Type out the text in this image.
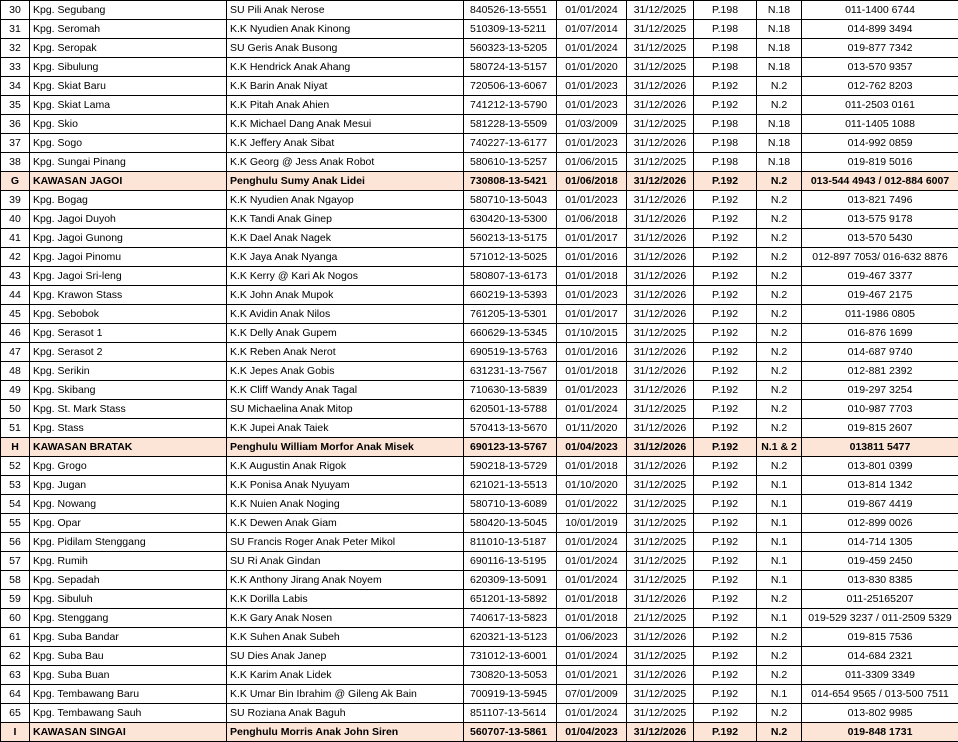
30	Kpg. Segubang	SU Pili Anak Nerose	840526-13-5551	01/01/2024	31/12/2025	P.198	N.18	011-1400 6744
31	Kpg. Seromah	K.K Nyudien Anak Kinong	510309-13-5211	01/07/2014	31/12/2025	P.198	N.18	014-899 3494
32	Kpg. Seropak	SU Geris Anak Busong	560323-13-5205	01/01/2024	31/12/2025	P.198	N.18	019-877 7342
33	Kpg. Sibulung	K.K Hendrick Anak Ahang	580724-13-5157	01/01/2020	31/12/2025	P.198	N.18	013-570 9357
34	Kpg. Skiat Baru	K.K Barin Anak Niyat	720506-13-6067	01/01/2023	31/12/2026	P.192	N.2	012-762 8203
35	Kpg. Skiat Lama	K.K Pitah Anak Ahien	741212-13-5790	01/01/2023	31/12/2026	P.192	N.2	011-2503 0161
36	Kpg. Skio	K.K Michael Dang Anak Mesui	581228-13-5509	01/03/2009	31/12/2025	P.198	N.18	011-1405 1088
37	Kpg. Sogo	K.K Jeffery Anak Sibat	740227-13-6177	01/01/2023	31/12/2026	P.198	N.18	014-992 0859
38	Kpg. Sungai Pinang	K.K Georg @ Jess Anak Robot	580610-13-5257	01/06/2015	31/12/2025	P.198	N.18	019-819 5016
G	KAWASAN JAGOI	Penghulu Sumy Anak Lidei	730808-13-5421	01/06/2018	31/12/2026	P.192	N.2	013-544 4943 / 012-884 6007
39	Kpg. Bogag	K.K Nyudien Anak Ngayop	580710-13-5043	01/01/2023	31/12/2026	P.192	N.2	013-821 7496
40	Kpg. Jagoi Duyoh	K.K Tandi Anak Ginep	630420-13-5300	01/06/2018	31/12/2026	P.192	N.2	013-575 9178
41	Kpg. Jagoi Gunong	K.K Dael Anak Nagek	560213-13-5175	01/01/2017	31/12/2026	P.192	N.2	013-570 5430
42	Kpg. Jagoi Pinomu	K.K Jaya Anak Nyanga	571012-13-5025	01/01/2016	31/12/2026	P.192	N.2	012-897 7053/ 016-632 8876
43	Kpg. Jagoi Sri-leng	K.K Kerry @ Kari Ak Nogos	580807-13-6173	01/01/2018	31/12/2026	P.192	N.2	019-467 3377
44	Kpg. Krawon Stass	K.K John Anak Mupok	660219-13-5393	01/01/2023	31/12/2026	P.192	N.2	019-467 2175
45	Kpg. Sebobok	K.K Avidin Anak Nilos	761205-13-5301	01/01/2017	31/12/2026	P.192	N.2	011-1986 0805
46	Kpg. Serasot 1	K.K Delly Anak Gupem	660629-13-5345	01/10/2015	31/12/2025	P.192	N.2	016-876 1699
47	Kpg. Serasot 2	K.K Reben Anak Nerot	690519-13-5763	01/01/2016	31/12/2026	P.192	N.2	014-687 9740
48	Kpg. Serikin	K.K Jepes Anak Gobis	631231-13-7567	01/01/2018	31/12/2026	P.192	N.2	012-881 2392
49	Kpg. Skibang	K.K Cliff Wandy Anak Tagal	710630-13-5839	01/01/2023	31/12/2026	P.192	N.2	019-297 3254
50	Kpg. St. Mark Stass	SU Michaelina Anak Mitop	620501-13-5788	01/01/2024	31/12/2025	P.192	N.2	010-987 7703
51	Kpg. Stass	K.K Jupei Anak Taiek	570413-13-5670	01/11/2020	31/12/2026	P.192	N.2	019-815 2607
H	KAWASAN BRATAK	Penghulu William Morfor Anak Misek	690123-13-5767	01/04/2023	31/12/2026	P.192	N.1 & 2	013811 5477
52	Kpg. Grogo	K.K Augustin Anak Rigok	590218-13-5729	01/01/2018	31/12/2026	P.192	N.2	013-801 0399
53	Kpg. Jugan	K.K Ponisa Anak Nyuyam	621021-13-5513	01/10/2020	31/12/2025	P.192	N.1	013-814 1342
54	Kpg. Nowang	K.K Nuien Anak Noging	580710-13-6089	01/01/2022	31/12/2025	P.192	N.1	019-867 4419
55	Kpg. Opar	K.K Dewen Anak Giam	580420-13-5045	10/01/2019	31/12/2025	P.192	N.1	012-899 0026
56	Kpg. Pidilam Stenggang	SU Francis Roger Anak Peter Mikol	811010-13-5187	01/01/2024	31/12/2025	P.192	N.1	014-714 1305
57	Kpg. Rumih	SU Ri Anak Gindan	690116-13-5195	01/01/2024	31/12/2025	P.192	N.1	019-459 2450
58	Kpg. Sepadah	K.K Anthony Jirang Anak Noyem	620309-13-5091	01/01/2024	31/12/2025	P.192	N.1	013-830 8385
59	Kpg. Sibuluh	K.K Dorilla Labis	651201-13-5892	01/01/2018	31/12/2026	P.192	N.2	011-25165207
60	Kpg. Stenggang	K.K Gary Anak Nosen	740617-13-5823	01/01/2018	21/12/2025	P.192	N.1	019-529 3237 / 011-2509 5329
61	Kpg. Suba Bandar	K.K Suhen Anak Subeh	620321-13-5123	01/06/2023	31/12/2026	P.192	N.2	019-815 7536
62	Kpg. Suba Bau	SU Dies Anak Janep	731012-13-6001	01/01/2024	31/12/2025	P.192	N.2	014-684 2321
63	Kpg. Suba Buan	K.K Karim Anak Lidek	730820-13-5053	01/01/2021	31/12/2026	P.192	N.2	011-3309 3349
64	Kpg. Tembawang Baru	K.K Umar Bin Ibrahim @ Gileng Ak Bain	700919-13-5945	07/01/2009	31/12/2025	P.192	N.1	014-654 9565 / 013-500 7511
65	Kpg. Tembawang Sauh	SU Roziana Anak Baguh	851107-13-5614	01/01/2024	31/12/2025	P.192	N.2	013-802 9985
I	KAWASAN SINGAI	Penghulu Morris Anak John Siren	560707-13-5861	01/04/2023	31/12/2026	P.192	N.2	019-848 1731
